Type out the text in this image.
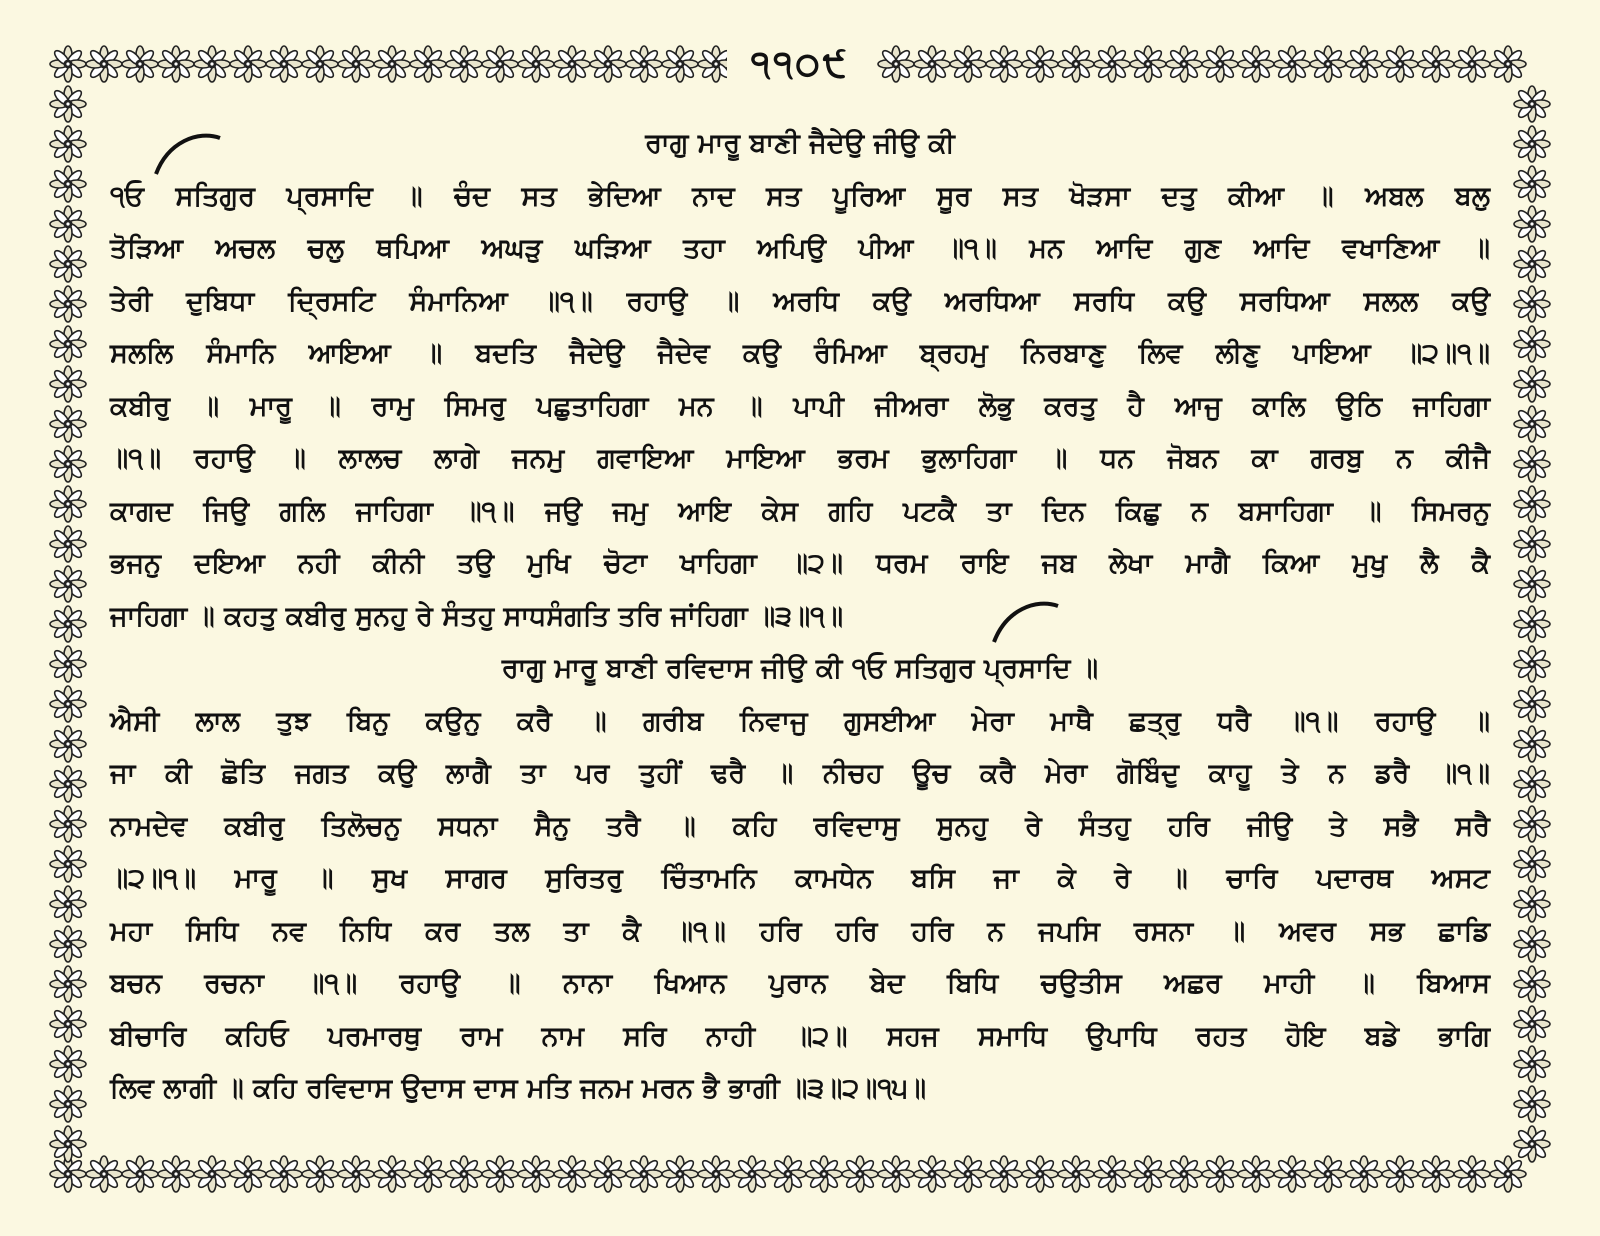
੧੧੦੯
ਰਾਗੁ ਮਾਰੂ ਬਾਣੀ ਜੈਦੇਉ ਜੀਉ ਕੀ
੧ਓ ਸਤਿਗੁਰ ਪ੍ਰਸਾਦਿ ॥ ਚੰਦ ਸਤ ਭੇਦਿਆ ਨਾਦ ਸਤ ਪੂਰਿਆ ਸੂਰ ਸਤ ਖੋੜਸਾ ਦਤੁ ਕੀਆ ॥ ਅਬਲ ਬਲੁ
ਤੋੜਿਆ ਅਚਲ ਚਲੁ ਥਪਿਆ ਅਘੜੁ ਘੜਿਆ ਤਹਾ ਅਪਿਉ ਪੀਆ ॥੧॥ ਮਨ ਆਦਿ ਗੁਣ ਆਦਿ ਵਖਾਣਿਆ ॥
ਤੇਰੀ ਦੁਬਿਧਾ ਦ੍ਰਿਸਟਿ ਸੰਮਾਨਿਆ ॥੧॥ ਰਹਾਉ ॥ ਅਰਧਿ ਕਉ ਅਰਧਿਆ ਸਰਧਿ ਕਉ ਸਰਧਿਆ ਸਲਲ ਕਉ
ਸਲਲਿ ਸੰਮਾਨਿ ਆਇਆ ॥ ਬਦਤਿ ਜੈਦੇਉ ਜੈਦੇਵ ਕਉ ਰੰਮਿਆ ਬ੍ਰਹਮੁ ਨਿਰਬਾਣੁ ਲਿਵ ਲੀਣੁ ਪਾਇਆ ॥੨॥੧॥
ਕਬੀਰੁ ॥ ਮਾਰੂ ॥ ਰਾਮੁ ਸਿਮਰੁ ਪਛੁਤਾਹਿਗਾ ਮਨ ॥ ਪਾਪੀ ਜੀਅਰਾ ਲੋਭੁ ਕਰਤੁ ਹੈ ਆਜੁ ਕਾਲਿ ਉਠਿ ਜਾਹਿਗਾ
॥੧॥ ਰਹਾਉ ॥ ਲਾਲਚ ਲਾਗੇ ਜਨਮੁ ਗਵਾਇਆ ਮਾਇਆ ਭਰਮ ਭੁਲਾਹਿਗਾ ॥ ਧਨ ਜੋਬਨ ਕਾ ਗਰਬੁ ਨ ਕੀਜੈ
ਕਾਗਦ ਜਿਉ ਗਲਿ ਜਾਹਿਗਾ ॥੧॥ ਜਉ ਜਮੁ ਆਇ ਕੇਸ ਗਹਿ ਪਟਕੈ ਤਾ ਦਿਨ ਕਿਛੁ ਨ ਬਸਾਹਿਗਾ ॥ ਸਿਮਰਨੁ
ਭਜਨੁ ਦਇਆ ਨਹੀ ਕੀਨੀ ਤਉ ਮੁਖਿ ਚੋਟਾ ਖਾਹਿਗਾ ॥੨॥ ਧਰਮ ਰਾਇ ਜਬ ਲੇਖਾ ਮਾਗੈ ਕਿਆ ਮੁਖੁ ਲੈ ਕੈ
ਜਾਹਿਗਾ ॥ ਕਹਤੁ ਕਬੀਰੁ ਸੁਨਹੁ ਰੇ ਸੰਤਹੁ ਸਾਧਸੰਗਤਿ ਤਰਿ ਜਾਂਹਿਗਾ ॥੩॥੧॥
ਰਾਗੁ ਮਾਰੂ ਬਾਣੀ ਰਵਿਦਾਸ ਜੀਉ ਕੀ ੧ਓ ਸਤਿਗੁਰ ਪ੍ਰਸਾਦਿ ॥
ਐਸੀ ਲਾਲ ਤੁਝ ਬਿਨੁ ਕਉਨੁ ਕਰੈ ॥ ਗਰੀਬ ਨਿਵਾਜੁ ਗੁਸਈਆ ਮੇਰਾ ਮਾਥੈ ਛਤ੍ਰੁ ਧਰੈ ॥੧॥ ਰਹਾਉ ॥
ਜਾ ਕੀ ਛੋਤਿ ਜਗਤ ਕਉ ਲਾਗੈ ਤਾ ਪਰ ਤੁਹੀਂ ਢਰੈ ॥ ਨੀਚਹ ਊਚ ਕਰੈ ਮੇਰਾ ਗੋਬਿੰਦੁ ਕਾਹੂ ਤੇ ਨ ਡਰੈ ॥੧॥
ਨਾਮਦੇਵ ਕਬੀਰੁ ਤਿਲੋਚਨੁ ਸਧਨਾ ਸੈਨੁ ਤਰੈ ॥ ਕਹਿ ਰਵਿਦਾਸੁ ਸੁਨਹੁ ਰੇ ਸੰਤਹੁ ਹਰਿ ਜੀਉ ਤੇ ਸਭੈ ਸਰੈ
॥੨॥੧॥ ਮਾਰੂ ॥ ਸੁਖ ਸਾਗਰ ਸੁਰਿਤਰੁ ਚਿੰਤਾਮਨਿ ਕਾਮਧੇਨ ਬਸਿ ਜਾ ਕੇ ਰੇ ॥ ਚਾਰਿ ਪਦਾਰਥ ਅਸਟ
ਮਹਾ ਸਿਧਿ ਨਵ ਨਿਧਿ ਕਰ ਤਲ ਤਾ ਕੈ ॥੧॥ ਹਰਿ ਹਰਿ ਹਰਿ ਨ ਜਪਸਿ ਰਸਨਾ ॥ ਅਵਰ ਸਭ ਛਾਡਿ
ਬਚਨ ਰਚਨਾ ॥੧॥ ਰਹਾਉ ॥ ਨਾਨਾ ਖਿਆਨ ਪੁਰਾਨ ਬੇਦ ਬਿਧਿ ਚਉਤੀਸ ਅਛਰ ਮਾਹੀ ॥ ਬਿਆਸ
ਬੀਚਾਰਿ ਕਹਿਓ ਪਰਮਾਰਥੁ ਰਾਮ ਨਾਮ ਸਰਿ ਨਾਹੀ ॥੨॥ ਸਹਜ ਸਮਾਧਿ ਉਪਾਧਿ ਰਹਤ ਹੋਇ ਬਡੇ ਭਾਗਿ
ਲਿਵ ਲਾਗੀ ॥ ਕਹਿ ਰਵਿਦਾਸ ਉਦਾਸ ਦਾਸ ਮਤਿ ਜਨਮ ਮਰਨ ਭੈ ਭਾਗੀ ॥੩॥੨॥੧੫॥
